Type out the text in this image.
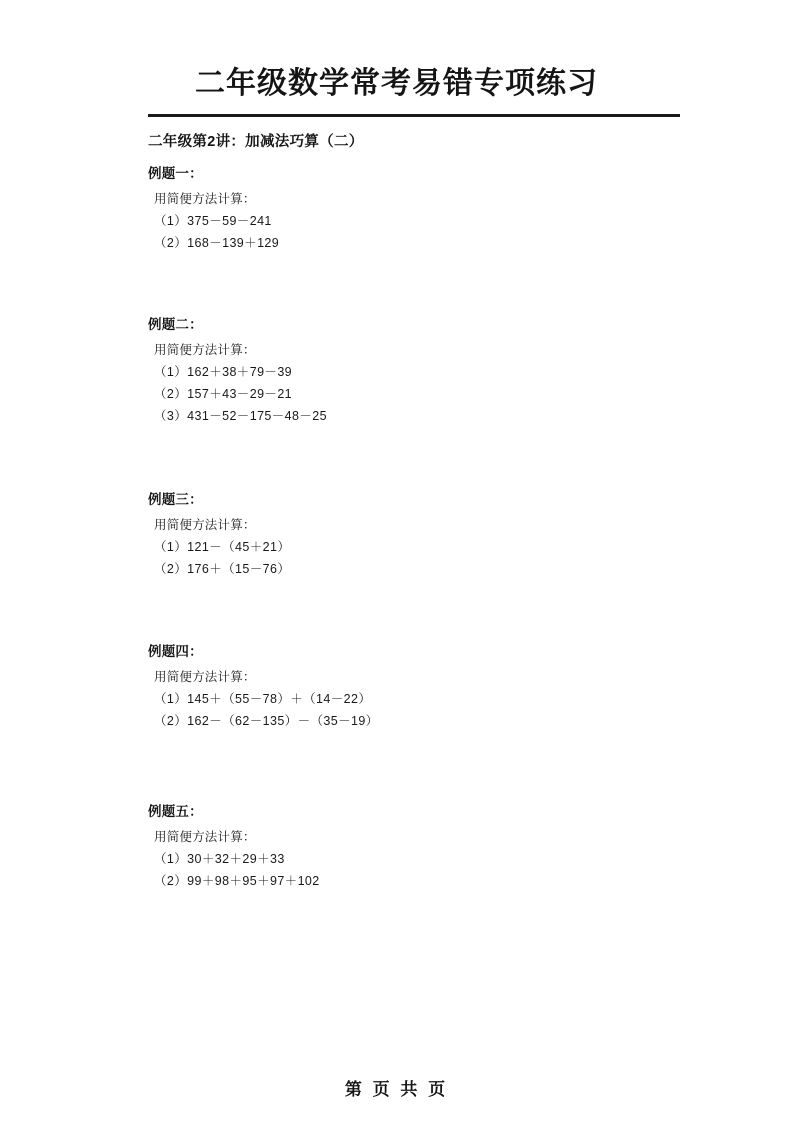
二年级数学常考易错专项练习
二年级第2讲：加减法巧算（二）
例题一：
用简便方法计算：
（1）375－59－241
（2）168－139＋129
例题二：
用简便方法计算：
（1）162＋38＋79－39
（2）157＋43－29－21
（3）431－52－175－48－25
例题三：
用简便方法计算：
（1）121－（45＋21）
（2）176＋（15－76）
例题四：
用简便方法计算：
（1）145＋（55－78）＋（14－22）
（2）162－（62－135）－（35－19）
例题五：
用简便方法计算：
（1）30＋32＋29＋33
（2）99＋98＋95＋97＋102
第 页 共 页
